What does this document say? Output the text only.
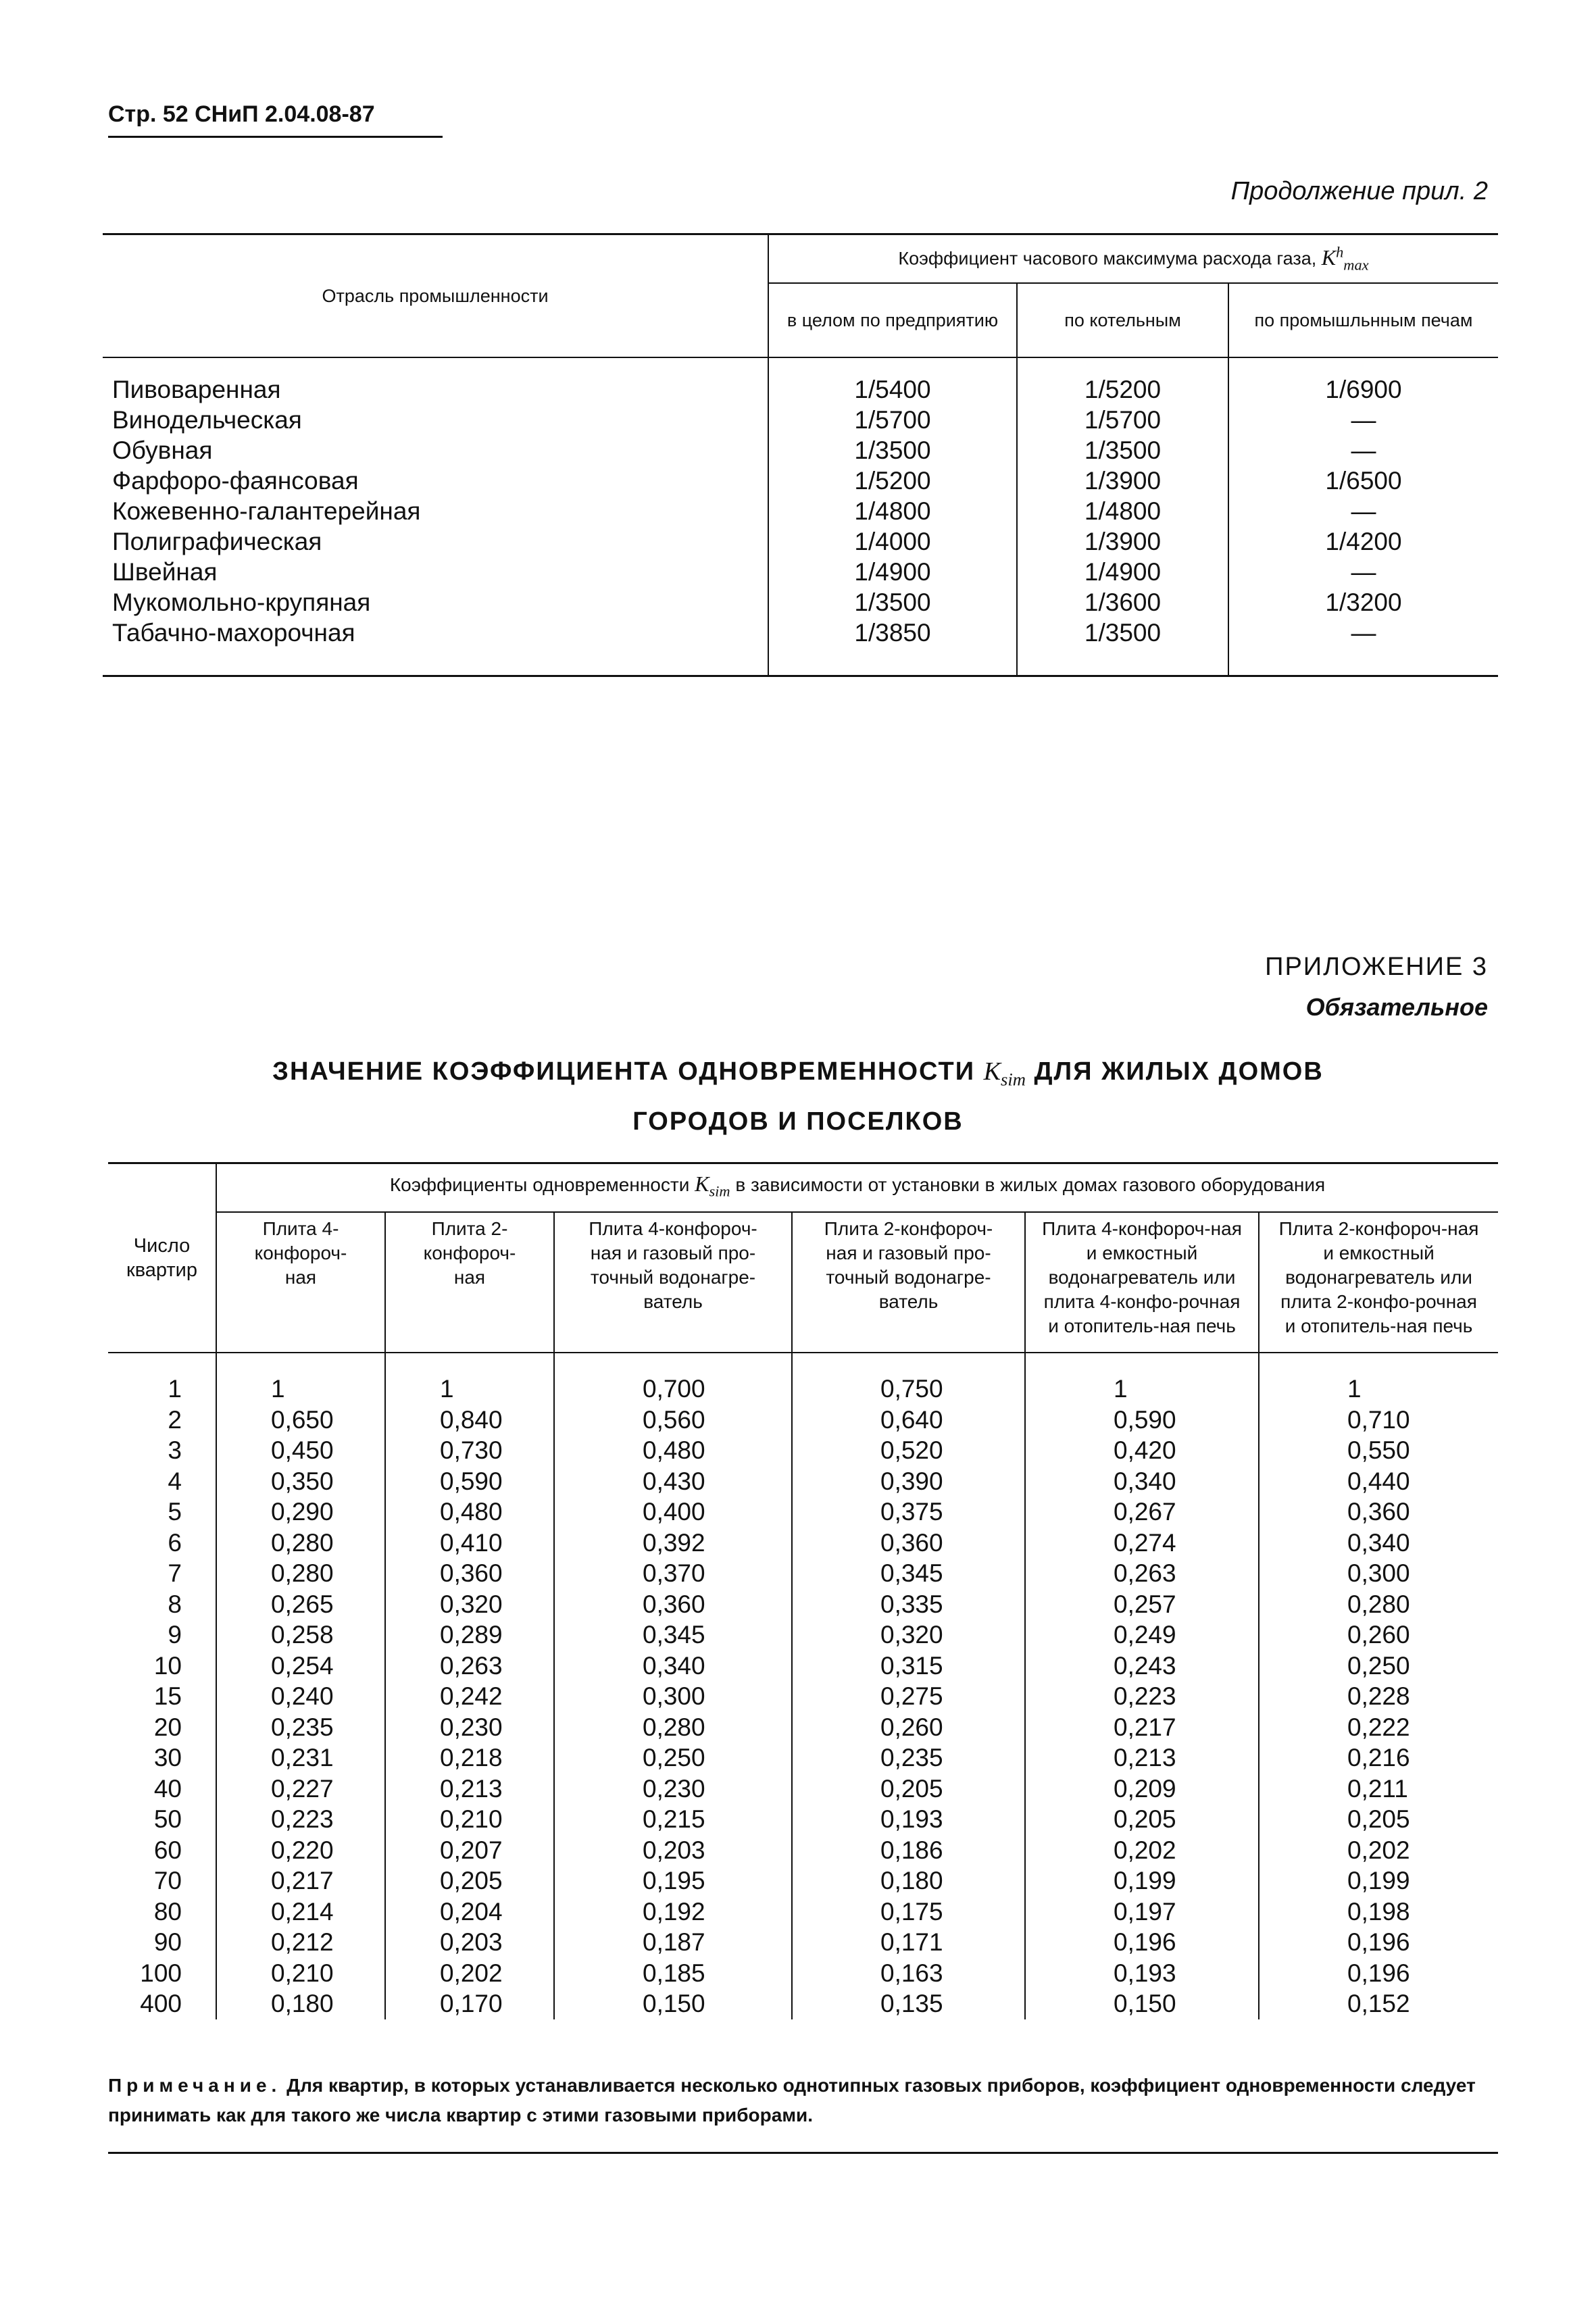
Стр. 52 СНиП 2.04.08-87
Продолжение прил. 2
Отрасль промышленности	Коэффициент часового максимума расхода газа, $K^h_{max}$
	в целом по предприятию	по котельным	по промышльнным печам

Пивоваренная	1/5400	1/5200	1/6900
Винодельческая	1/5700	1/5700	—
Обувная	1/3500	1/3500	—
Фарфоро-фаянсовая	1/5200	1/3900	1/6500
Кожевенно-галантерейная	1/4800	1/4800	—
Полиграфическая	1/4000	1/3900	1/4200
Швейная	1/4900	1/4900	—
Мукомольно-крупяная	1/3500	1/3600	1/3200
Табачно-махорочная	1/3850	1/3500	—

ПРИЛОЖЕНИЕ 3
Обязательное
ЗНАЧЕНИЕ КОЭФФИЦИЕНТА ОДНОВРЕМЕННОСТИ $K_{sim}$ ДЛЯ ЖИЛЫХ ДОМОВ
ГОРОДОВ И ПОСЕЛКОВ
Число квартир	Коэффициенты одновременности $K_{sim}$ в зависимости от установки в жилых домах газового оборудования					
	Плита 4-конфороч-ная	Плита 2-конфороч-ная	Плита 4-конфороч-ная и газовый про-точный водонагре-ватель	Плита 2-конфороч-ная и газовый про-точный водонагре-ватель	Плита 4-конфороч-ная и емкостный водонагреватель или плита 4-конфо-рочная и отопитель-ная печь	Плита 2-конфороч-ная и емкостный водонагреватель или плита 2-конфо-рочная и отопитель-ная печь

1	1	1	0,700	0,750	1	1
2	0,650	0,840	0,560	0,640	0,590	0,710
3	0,450	0,730	0,480	0,520	0,420	0,550
4	0,350	0,590	0,430	0,390	0,340	0,440
5	0,290	0,480	0,400	0,375	0,267	0,360
6	0,280	0,410	0,392	0,360	0,274	0,340
7	0,280	0,360	0,370	0,345	0,263	0,300
8	0,265	0,320	0,360	0,335	0,257	0,280
9	0,258	0,289	0,345	0,320	0,249	0,260
10	0,254	0,263	0,340	0,315	0,243	0,250
15	0,240	0,242	0,300	0,275	0,223	0,228
20	0,235	0,230	0,280	0,260	0,217	0,222
30	0,231	0,218	0,250	0,235	0,213	0,216
40	0,227	0,213	0,230	0,205	0,209	0,211
50	0,223	0,210	0,215	0,193	0,205	0,205
60	0,220	0,207	0,203	0,186	0,202	0,202
70	0,217	0,205	0,195	0,180	0,199	0,199
80	0,214	0,204	0,192	0,175	0,197	0,198
90	0,212	0,203	0,187	0,171	0,196	0,196
100	0,210	0,202	0,185	0,163	0,193	0,196
400	0,180	0,170	0,150	0,135	0,150	0,152
Примечание. Для квартир, в которых устанавливается несколько однотипных газовых приборов, коэффициент одновременности следует принимать как для такого же числа квартир с этими газовыми приборами.
